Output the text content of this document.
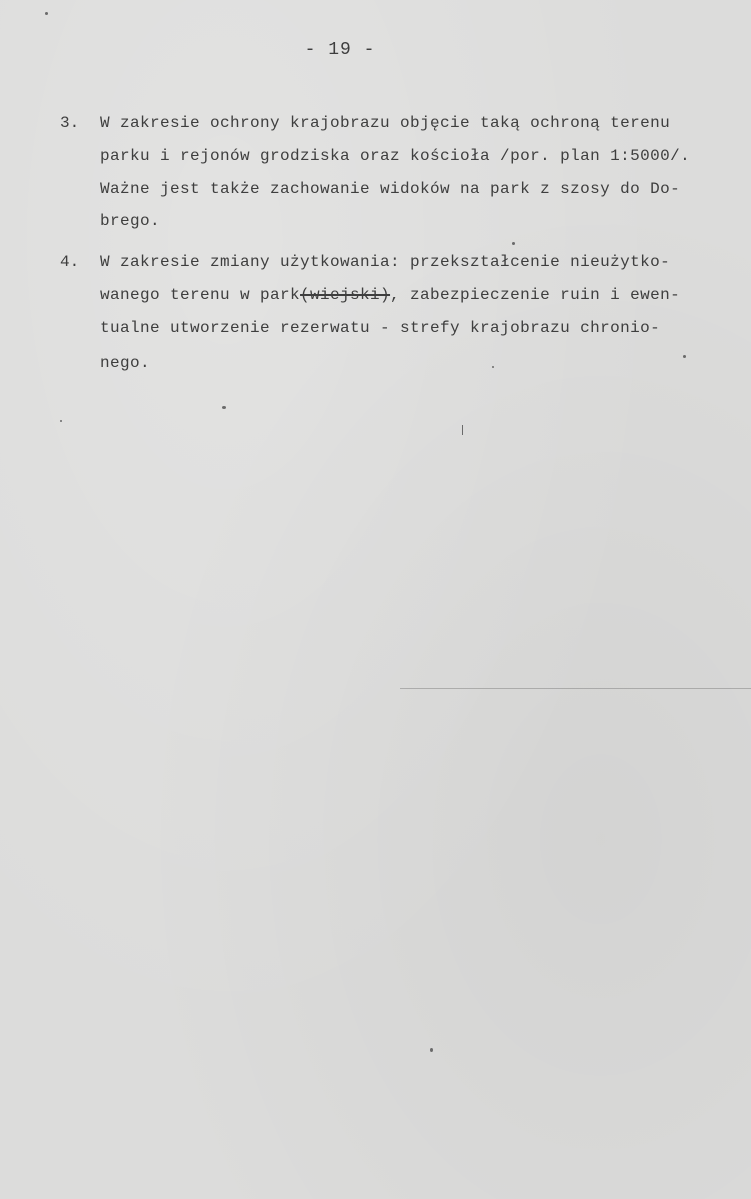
- 19 -
3. W zakresie ochrony krajobrazu objęcie taką ochroną terenu
parku i rejonów grodziska oraz kościoła /por. plan 1:5000/.
Ważne jest także zachowanie widoków na park z szosy do Do-
brego.
4. W zakresie zmiany użytkowania: przekształcenie nieużytko-
wanego terenu w park(wiejski), zabezpieczenie ruin i ewen-
tualne utworzenie rezerwatu - strefy krajobrazu chronio-
nego.
